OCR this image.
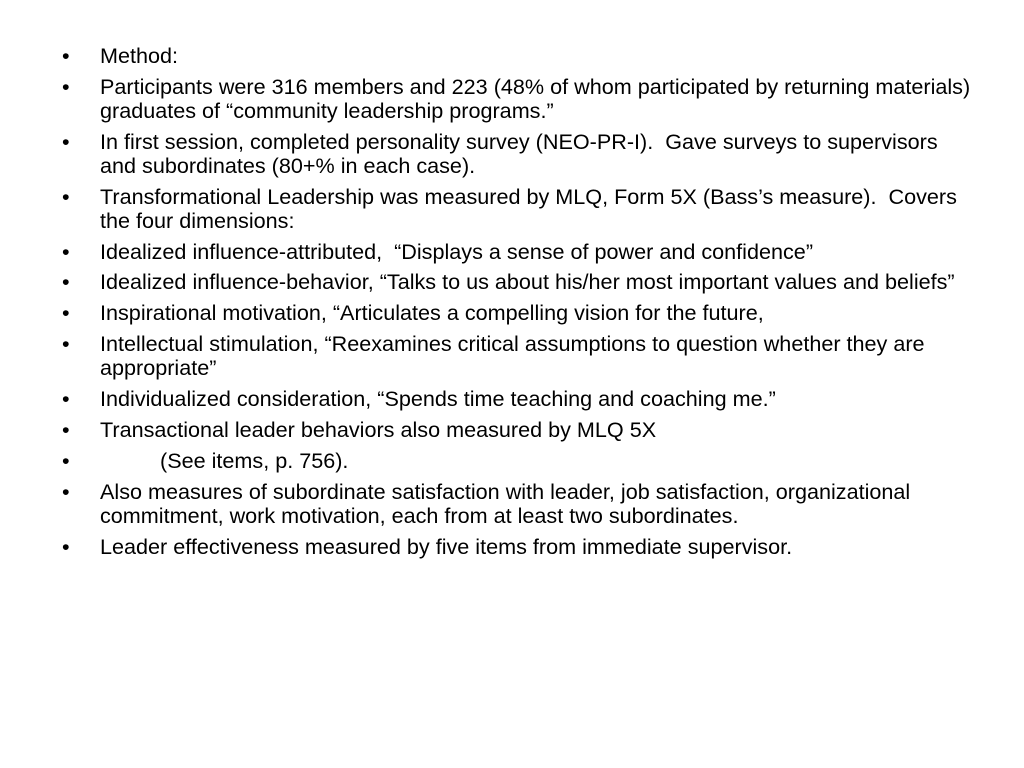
•	Method:
•	Participants were 316 members and 223 (48% of whom participated by returning materials) graduates of “community leadership programs.”
•	In first session, completed personality survey (NEO-PR-I).  Gave surveys to supervisors and subordinates (80+% in each case).
•	Transformational Leadership was measured by MLQ, Form 5X (Bass’s measure).  Covers the four dimensions:
•	Idealized influence-attributed,  “Displays a sense of power and confidence”
•	Idealized influence-behavior, “Talks to us about his/her most important values and beliefs”
•	Inspirational motivation, “Articulates a compelling vision for the future,
•	Intellectual stimulation, “Reexamines critical assumptions to question whether they are appropriate”
•	Individualized consideration, “Spends time teaching and coaching me.”
•	Transactional leader behaviors also measured by MLQ 5X
•	(See items, p. 756).
•	Also measures of subordinate satisfaction with leader, job satisfaction, organizational commitment, work motivation, each from at least two subordinates.
•	Leader effectiveness measured by five items from immediate supervisor.
